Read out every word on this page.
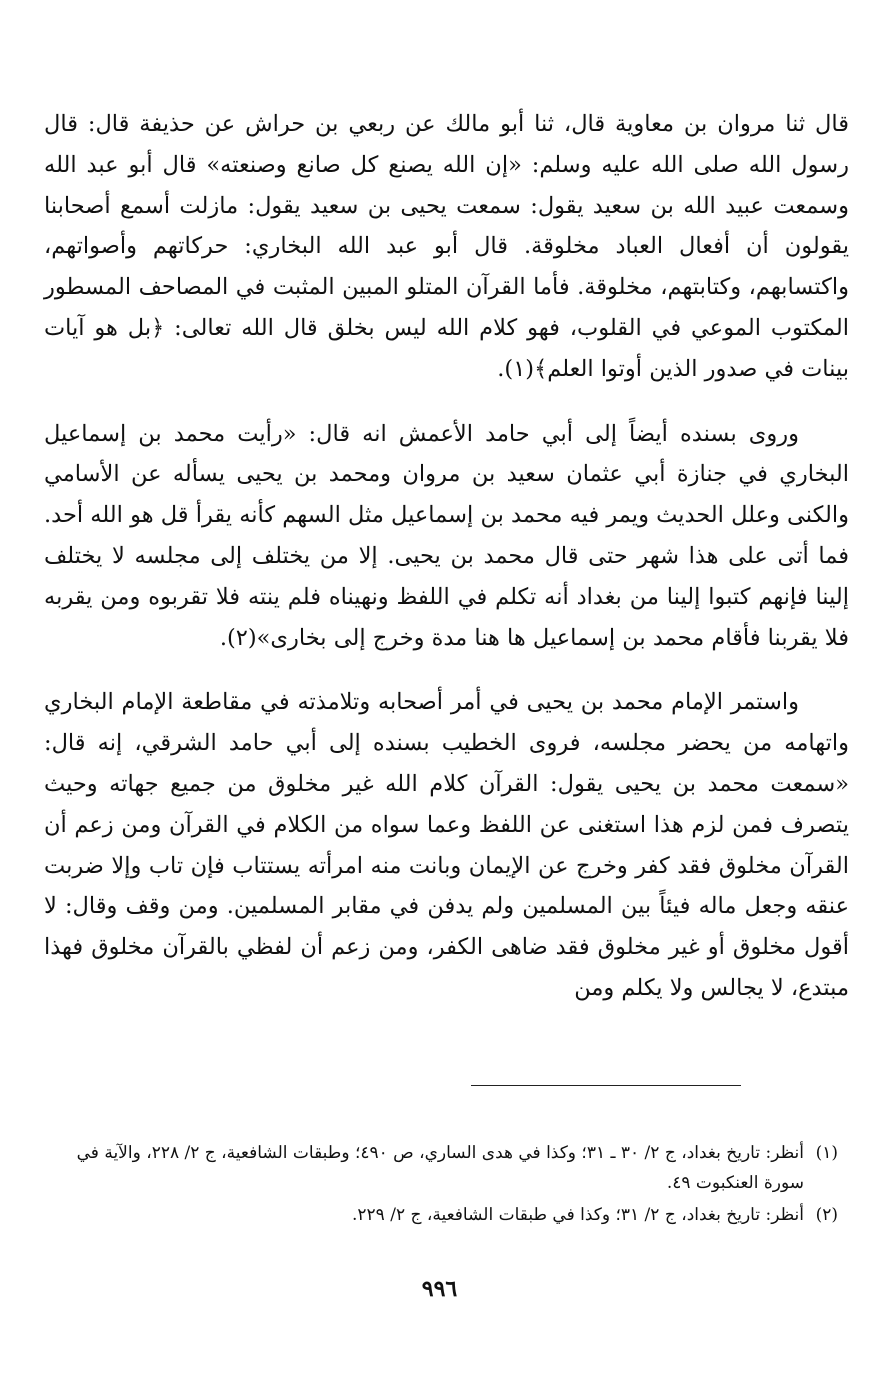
قال ثنا مروان بن معاوية قال، ثنا أبو مالك عن ربعي بن حراش عن حذيفة قال: قال رسول الله صلى الله عليه وسلم: «إن الله يصنع كل صانع وصنعته» قال أبو عبد الله وسمعت عبيد الله بن سعيد يقول: سمعت يحيى بن سعيد يقول: مازلت أسمع أصحابنا يقولون أن أفعال العباد مخلوقة. قال أبو عبد الله البخاري: حركاتهم وأصواتهم، واكتسابهم، وكتابتهم، مخلوقة. فأما القرآن المتلو المبين المثبت في المصاحف المسطور المكتوب الموعي في القلوب، فهو كلام الله ليس بخلق قال الله تعالى: ﴿بل هو آيات بينات في صدور الذين أوتوا العلم﴾(١).

وروى بسنده أيضاً إلى أبي حامد الأعمش انه قال: «رأيت محمد بن إسماعيل البخاري في جنازة أبي عثمان سعيد بن مروان ومحمد بن يحيى يسأله عن الأسامي والكنى وعلل الحديث ويمر فيه محمد بن إسماعيل مثل السهم كأنه يقرأ قل هو الله أحد. فما أتى على هذا شهر حتى قال محمد بن يحيى. إلا من يختلف إلى مجلسه لا يختلف إلينا فإنهم كتبوا إلينا من بغداد أنه تكلم في اللفظ ونهيناه فلم ينته فلا تقربوه ومن يقربه فلا يقربنا فأقام محمد بن إسماعيل ها هنا مدة وخرج إلى بخارى»(٢).

واستمر الإمام محمد بن يحيى في أمر أصحابه وتلامذته في مقاطعة الإمام البخاري واتهامه من يحضر مجلسه، فروى الخطيب بسنده إلى أبي حامد الشرقي، إنه قال: «سمعت محمد بن يحيى يقول: القرآن كلام الله غير مخلوق من جميع جهاته وحيث يتصرف فمن لزم هذا استغنى عن اللفظ وعما سواه من الكلام في القرآن ومن زعم أن القرآن مخلوق فقد كفر وخرج عن الإيمان وبانت منه امرأته يستتاب فإن تاب وإلا ضربت عنقه وجعل ماله فيئاً بين المسلمين ولم يدفن في مقابر المسلمين. ومن وقف وقال: لا أقول مخلوق أو غير مخلوق فقد ضاهى الكفر، ومن زعم أن لفظي بالقرآن مخلوق فهذا مبتدع، لا يجالس ولا يكلم ومن

(١)
أنظر: تاريخ بغداد، ج ٢/ ٣٠ ـ ٣١؛ وكذا في هدى الساري، ص ٤٩٠؛ وطبقات الشافعية، ج ٢/ ٢٢٨، والآية في سورة العنكبوت ٤٩.
(٢)
أنظر: تاريخ بغداد، ج ٢/ ٣١؛ وكذا في طبقات الشافعية، ج ٢/ ٢٢٩.
٩٩٦
